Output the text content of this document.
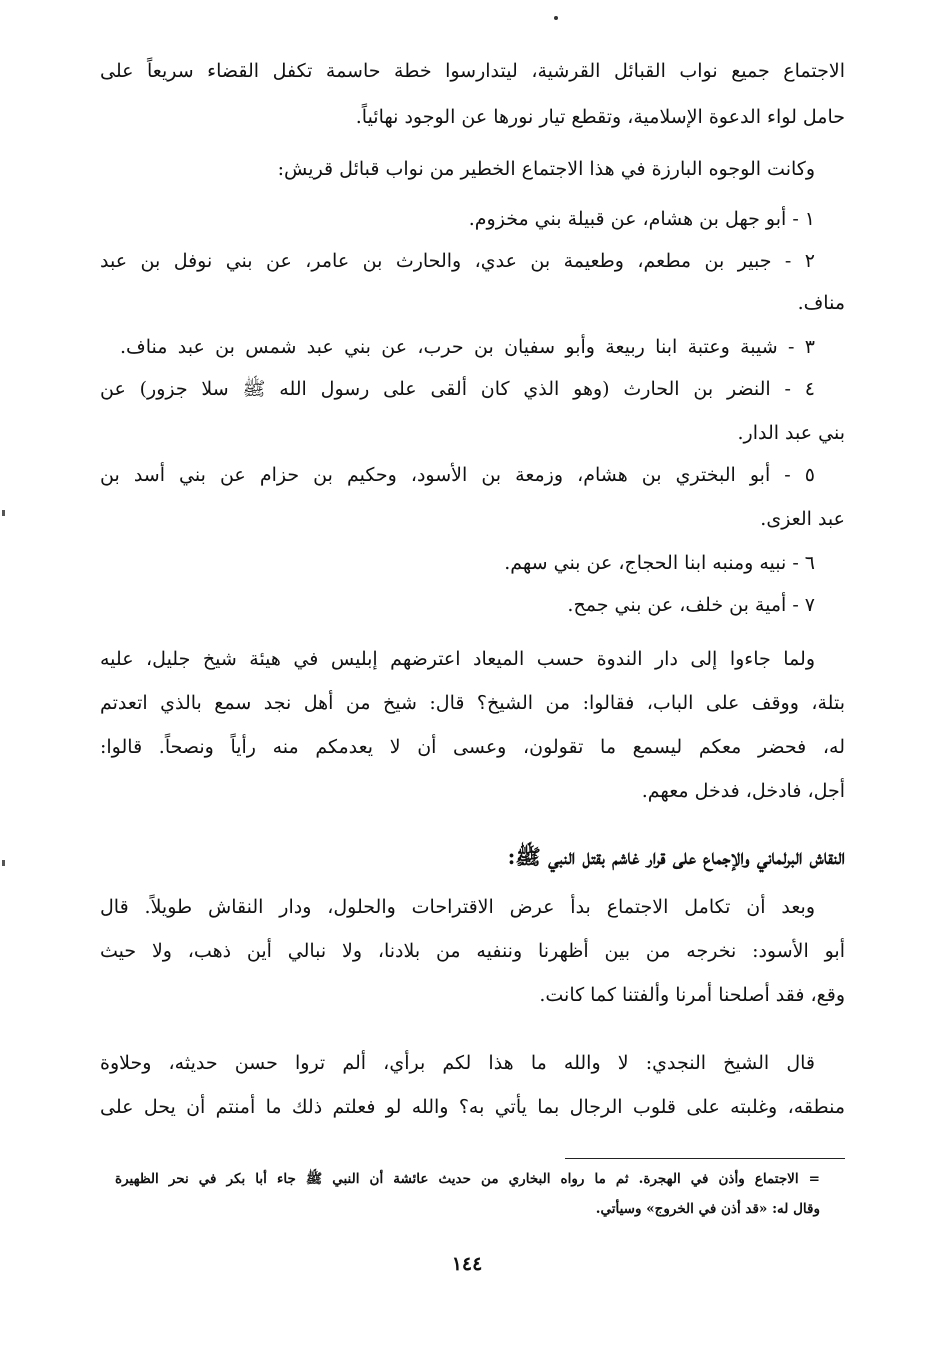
الاجتماع جميع نواب القبائل القرشية، ليتدارسوا خطة حاسمة تكفل القضاء سريعاً على
حامل لواء الدعوة الإسلامية، وتقطع تيار نورها عن الوجود نهائياً.
وكانت الوجوه البارزة في هذا الاجتماع الخطير من نواب قبائل قريش:
١ - أبو جهل بن هشام، عن قبيلة بني مخزوم.
٢ - جبير بن مطعم، وطعيمة بن عدي، والحارث بن عامر، عن بني نوفل بن عبد
مناف.
٣ - شيبة وعتبة ابنا ربيعة وأبو سفيان بن حرب، عن بني عبد شمس بن عبد مناف.
٤ - النضر بن الحارث (وهو الذي كان ألقى على رسول الله ﷺ سلا جزور) عن
بني عبد الدار.
٥ - أبو البختري بن هشام، وزمعة بن الأسود، وحكيم بن حزام عن بني أسد بن
عبد العزى.
٦ - نبيه ومنبه ابنا الحجاج، عن بني سهم.
٧ - أمية بن خلف، عن بني جمح.
ولما جاءوا إلى دار الندوة حسب الميعاد اعترضهم إبليس في هيئة شيخ جليل، عليه
بتلة، ووقف على الباب، فقالوا: من الشيخ؟ قال: شيخ من أهل نجد سمع بالذي اتعدتم
له، فحضر معكم ليسمع ما تقولون، وعسى أن لا يعدمكم منه رأياً ونصحاً. قالوا:
أجل، فادخل، فدخل معهم.
النقاش البرلماني والإجماع على قرار غاشم بقتل النبي ﷺ:
وبعد أن تكامل الاجتماع بدأ عرض الاقتراحات والحلول، ودار النقاش طويلاً. قال
أبو الأسود: نخرجه من بين أظهرنا وننفيه من بلادنا، ولا نبالي أين ذهب، ولا حيث
وقع، فقد أصلحنا أمرنا وألفتنا كما كانت.
قال الشيخ النجدي: لا والله ما هذا لكم برأي، ألم تروا حسن حديثه، وحلاوة
منطقه، وغلبته على قلوب الرجال بما يأتي به؟ والله لو فعلتم ذلك ما أمنتم أن يحل على
= الاجتماع وأذن في الهجرة. ثم ما رواه البخاري من حديث عائشة أن النبي ﷺ جاء أبا بكر في نحر الظهيرة
وقال له: «قد أذن في الخروج» وسيأتي.
١٤٤
